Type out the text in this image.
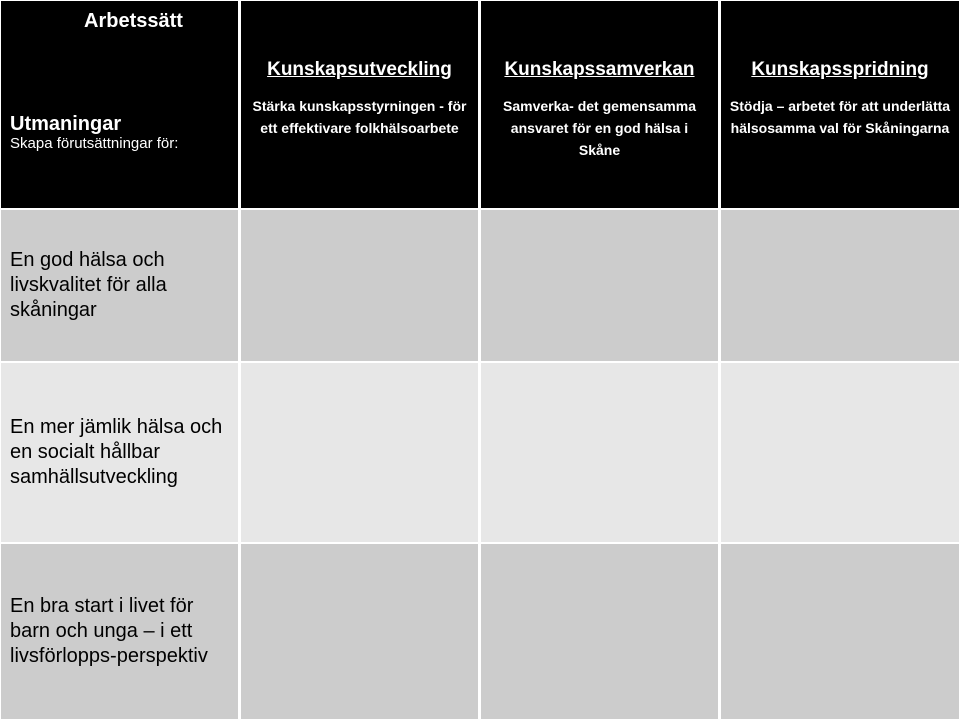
Arbetssätt
Utmaningar
Skapa förutsättningar för:
Kunskapsutveckling
Stärka kunskapsstyrningen - för ett effektivare folkhälsoarbete
Kunskapssamverkan
Samverka- det gemensamma ansvaret för en god hälsa i Skåne
Kunskapsspridning
Stödja – arbetet för att underlätta hälsosamma val för Skåningarna
En god hälsa och livskvalitet för alla skåningar
En mer jämlik hälsa och en socialt hållbar samhällsutveckling
En bra start i livet för barn och unga – i ett livsförlopps-perspektiv
